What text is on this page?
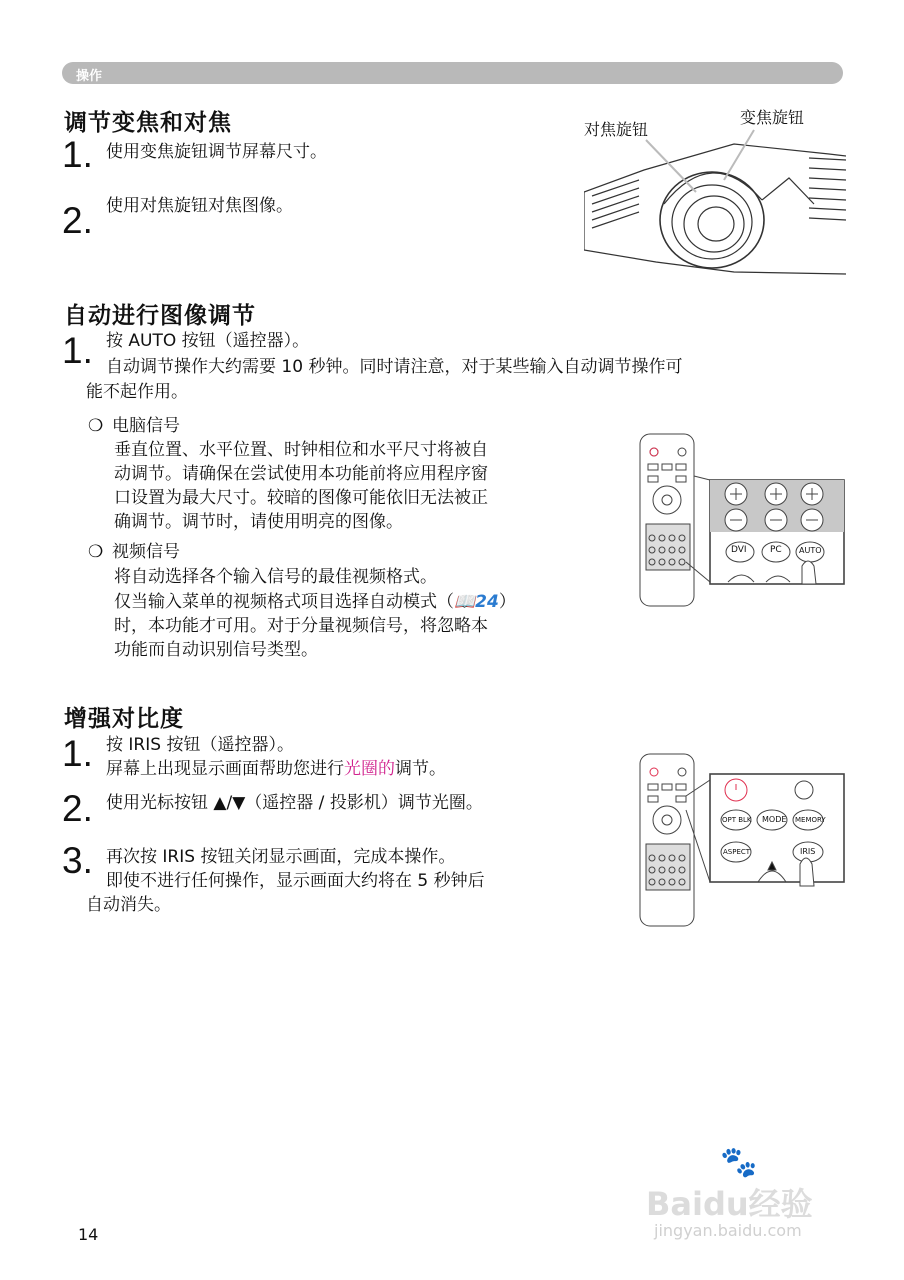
操作
调节变焦和对焦
1. 使用变焦旋钮调节屏幕尺寸。
2. 使用对焦旋钮对焦图像。
对焦旋钮
变焦旋钮
自动进行图像调节
1. 按 AUTO 按钮（遥控器）。
自动调节操作大约需要 10 秒钟。同时请注意，对于某些输入自动调节操作可
能不起作用。
❍ 电脑信号
垂直位置、水平位置、时钟相位和水平尺寸将被自
动调节。请确保在尝试使用本功能前将应用程序窗
口设置为最大尺寸。较暗的图像可能依旧无法被正
确调节。调节时，请使用明亮的图像。
❍ 视频信号
将自动选择各个输入信号的最佳视频格式。
仅当输入菜单的视频格式项目选择自动模式（📖24）
时，本功能才可用。对于分量视频信号，将忽略本
功能而自动识别信号类型。
DVI	PC AUTO
增强对比度
1. 按 IRIS 按钮（遥控器）。
屏幕上出现显示画面帮助您进行光圈的调节。
2. 使用光标按钮 ▲/▼（遥控器 / 投影机）调节光圈。
3. 再次按 IRIS 按钮关闭显示画面，完成本操作。
即使不进行任何操作，显示画面大约将在 5 秒钟后
自动消失。
OPT BLK MODE MEMORY
ASPECT	IRIS
14
🐾
Baidu经验
jingyan.baidu.com
